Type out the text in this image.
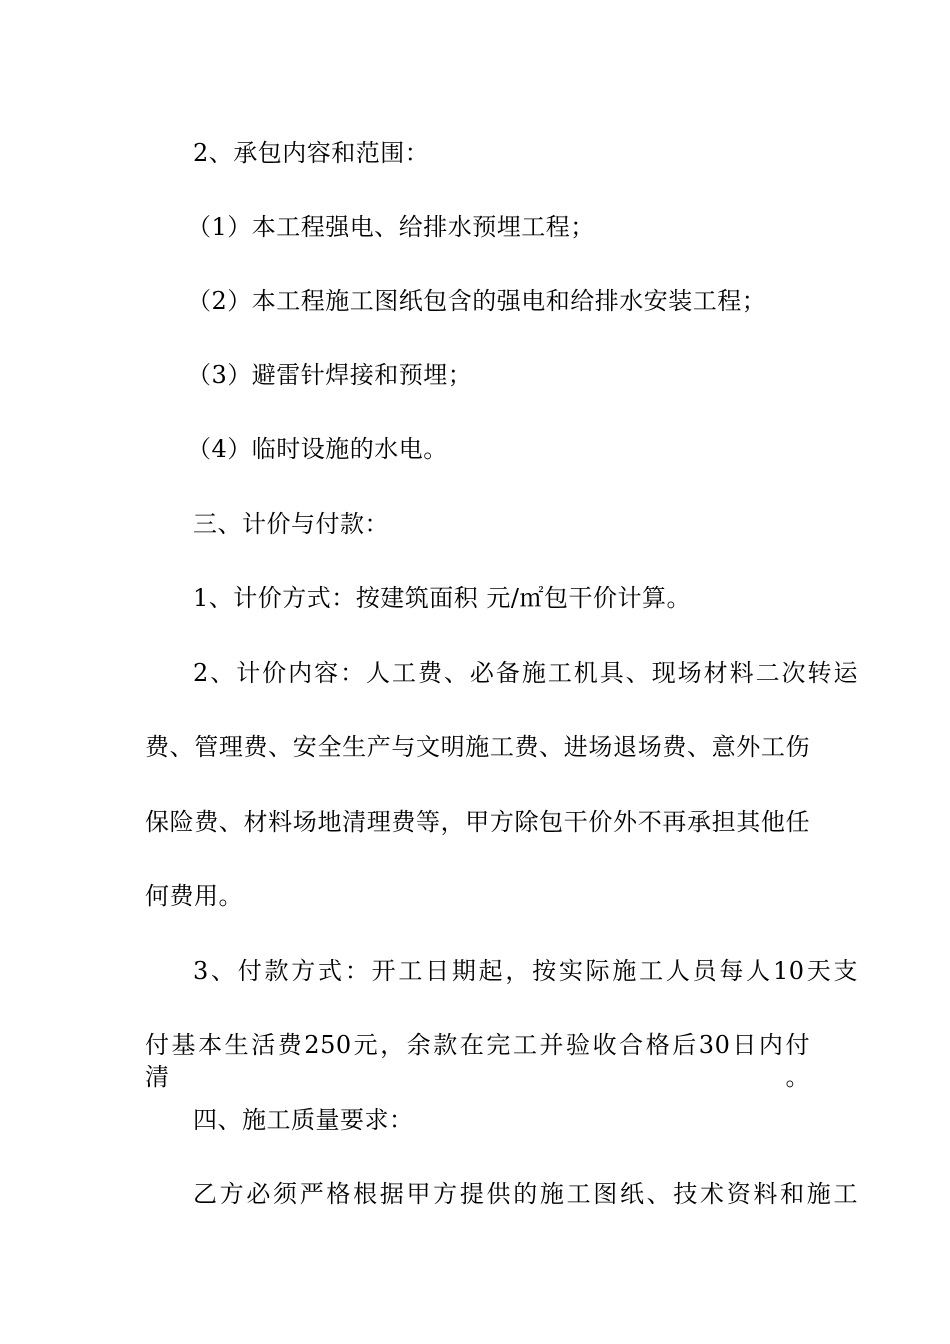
2、承包内容和范围：
（1）本工程强电、给排水预埋工程；
（2）本工程施工图纸包含的强电和给排水安装工程；
（3）避雷针焊接和预埋；
（4）临时设施的水电。
三、计价与付款：
1、计价方式：按建筑面积 元/㎡包干价计算。
2、计价内容：人工费、必备施工机具、现场材料二次转运
费、管理费、安全生产与文明施工费、进场退场费、意外工伤
保险费、材料场地清理费等，甲方除包干价外不再承担其他任
何费用。
3、付款方式：开工日期起，按实际施工人员每人10天支
付基本生活费250元，余款在完工并验收合格后30日内付清。
四、施工质量要求：
乙方必须严格根据甲方提供的施工图纸、技术资料和施工
